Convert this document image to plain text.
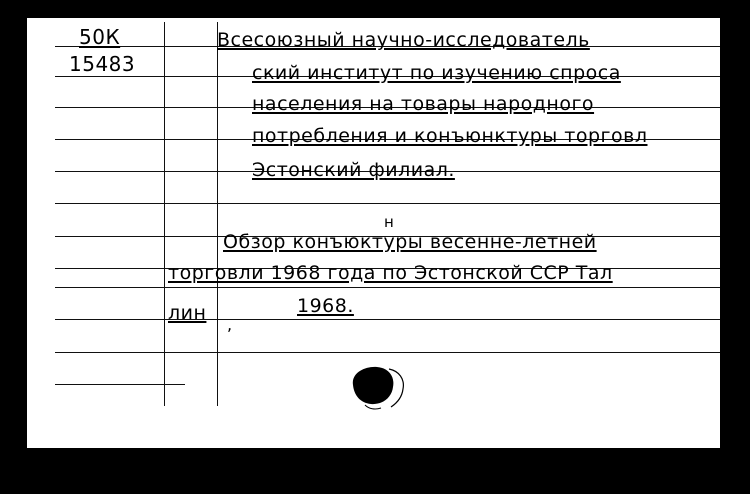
50К
15483
Всесоюзный научно-исследователь
ский институт по изучению спроса
населения на товары народного
потребления и конъюнктуры торговл
Эстонский филиал.
н
Обзор конъюктуры весенне-летней
торговли 1968 года по Эстонской ССР Тал
лин
,
1968.
